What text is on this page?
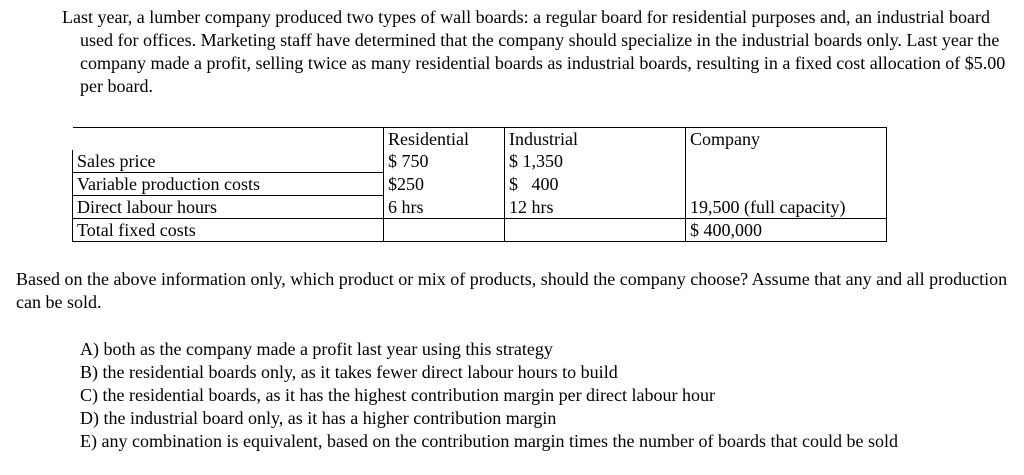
Last year, a lumber company produced two types of wall boards: a regular board for residential purposes and, an industrial board used for offices. Marketing staff have determined that the company should specialize in the industrial boards only. Last year the company made a profit, selling twice as many residential boards as industrial boards, resulting in a fixed cost allocation of $5.00 per board.

	Residential	Industrial	Company
Sales price	$ 750	$ 1,350	
Variable production costs	$250	$   400	
Direct labour hours	6 hrs	12 hrs	19,500 (full capacity)
Total fixed costs			$ 400,000

Based on the above information only, which product or mix of products, should the company choose? Assume that any and all production can be sold.

A) both as the company made a profit last year using this strategy
B) the residential boards only, as it takes fewer direct labour hours to build
C) the residential boards, as it has the highest contribution margin per direct labour hour
D) the industrial board only, as it has a higher contribution margin
E) any combination is equivalent, based on the contribution margin times the number of boards that could be sold
